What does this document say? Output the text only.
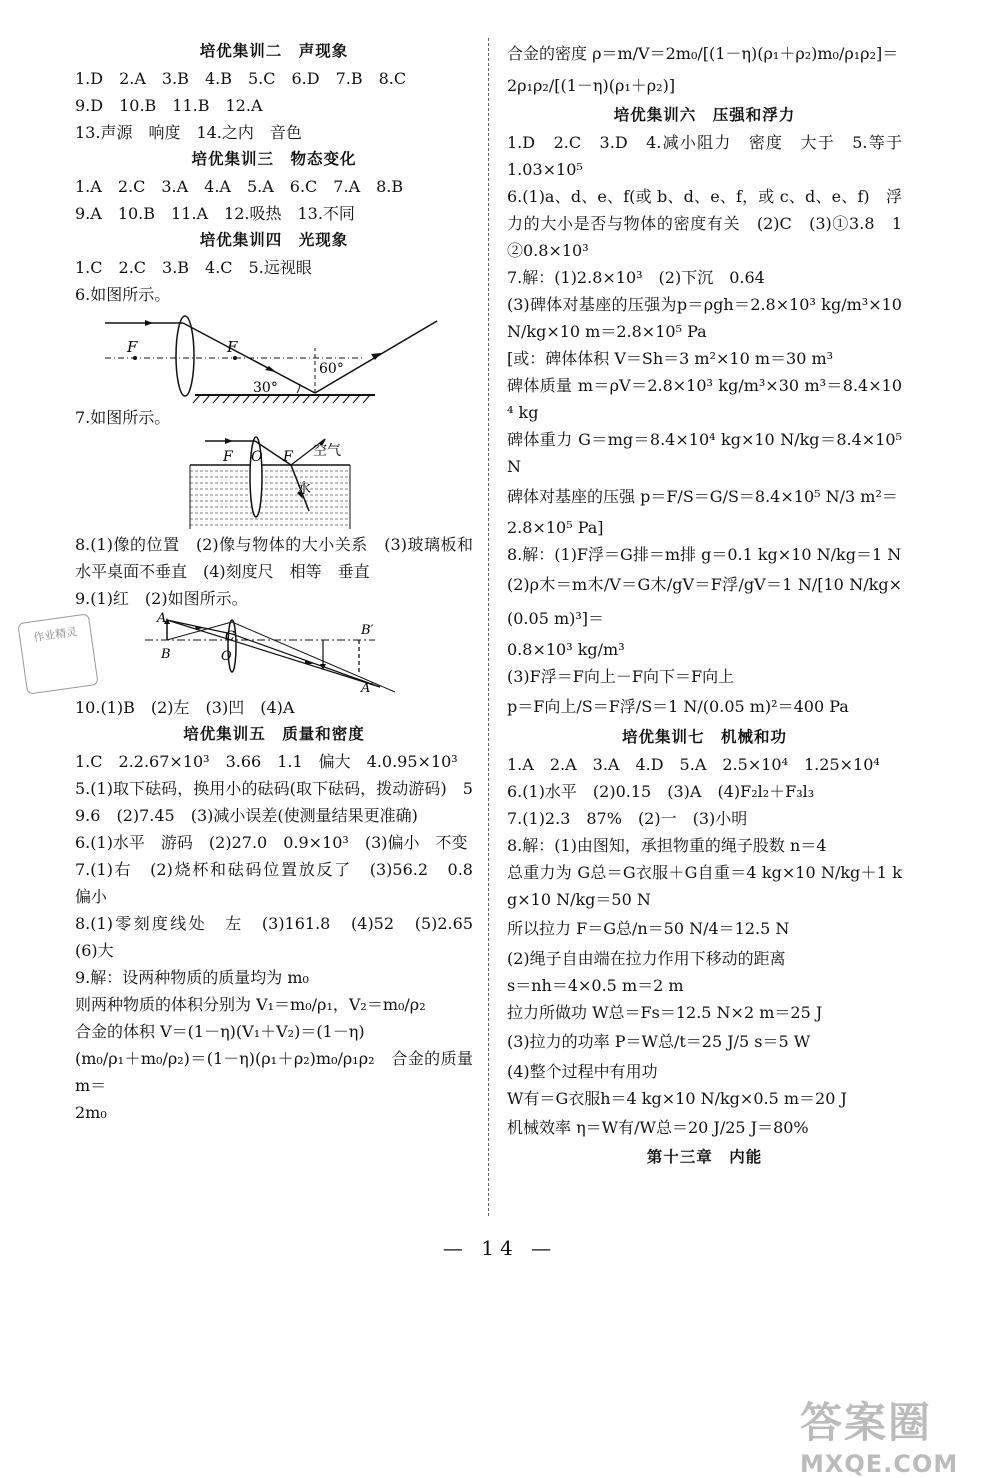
培优集训二　声现象
1.D　2.A　3.B　4.B　5.C　6.D　7.B　8.C
9.D　10.B　11.B　12.A
13.声源　响度　14.之内　音色
培优集训三　物态变化
1.A　2.C　3.A　4.A　5.A　6.C　7.A　8.B
9.A　10.B　11.A　12.吸热　13.不同
培优集训四　光现象
1.C　2.C　3.B　4.C　5.远视眼
6.如图所示。
F	F
30°
60°
7.如图所示。
F O F 空气
水
8.(1)像的位置　(2)像与物体的大小关系　(3)玻璃板和水平桌面不垂直　(4)刻度尺　相等　垂直
9.(1)红　(2)如图所示。
A
B
C
O
B′
A′
10.(1)B　(2)左　(3)凹　(4)A
培优集训五　质量和密度
1.C　2.2.67×10³　3.66　1.1　偏大　4.0.95×10³
5.(1)取下砝码，换用小的砝码(取下砝码，拨动游码)　59.6　(2)7.45　(3)减小误差(使测量结果更准确)
6.(1)水平　游码　(2)27.0　0.9×10³　(3)偏小　不变
7.(1)右　(2)烧杯和砝码位置放反了　(3)56.2　0.8　偏小
8.(1)零刻度线处　左　(3)161.8　(4)52　(5)2.65　(6)大
9.解：设两种物质的质量均为 m₀
则两种物质的体积分别为 V₁＝m₀/ρ₁，V₂＝m₀/ρ₂
合金的体积 V＝(1－η)(V₁＋V₂)＝(1－η)
(m₀/ρ₁＋m₀/ρ₂)＝(1－η)(ρ₁＋ρ₂)m₀/ρ₁ρ₂　合金的质量 m＝
2m₀
合金的密度 ρ＝m/V＝2m₀/[(1－η)(ρ₁＋ρ₂)m₀/ρ₁ρ₂]＝
2ρ₁ρ₂/[(1－η)(ρ₁＋ρ₂)]
培优集训六　压强和浮力
1.D　2.C　3.D　4.减小阻力　密度　大于　5.等于　1.03×10⁵
6.(1)a、d、e、f(或 b、d、e、f，或 c、d、e、f)　浮力的大小是否与物体的密度有关　(2)C　(3)①3.8　1　②0.8×10³
7.解：(1)2.8×10³　(2)下沉　0.64
(3)碑体对基座的压强为p＝ρgh＝2.8×10³ kg/m³×10 N/kg×10 m＝2.8×10⁵ Pa
[或：碑体体积 V＝Sh＝3 m²×10 m＝30 m³
碑体质量 m＝ρV＝2.8×10³ kg/m³×30 m³＝8.4×10⁴ kg
碑体重力 G＝mg＝8.4×10⁴ kg×10 N/kg＝8.4×10⁵ N
碑体对基座的压强 p＝F/S＝G/S＝8.4×10⁵ N/3 m²＝
2.8×10⁵ Pa]
8.解：(1)F浮＝G排＝m排 g＝0.1 kg×10 N/kg＝1 N
(2)ρ木＝m木/V＝G木/gV＝F浮/gV＝1 N/[10 N/kg×(0.05 m)³]＝
0.8×10³ kg/m³
(3)F浮＝F向上－F向下＝F向上
p＝F向上/S＝F浮/S＝1 N/(0.05 m)²＝400 Pa
培优集训七　机械和功
1.A　2.A　3.A　4.D　5.A　2.5×10⁴　1.25×10⁴
6.(1)水平　(2)0.15　(3)A　(4)F₂l₂＋F₃l₃
7.(1)2.3　87%　(2)一　(3)小明
8.解：(1)由图知，承担物重的绳子股数 n＝4
总重力为 G总＝G衣服＋G自重＝4 kg×10 N/kg＋1 kg×10 N/kg＝50 N
所以拉力 F＝G总/n＝50 N/4＝12.5 N
(2)绳子自由端在拉力作用下移动的距离
s＝nh＝4×0.5 m＝2 m
拉力所做功 W总＝Fs＝12.5 N×2 m＝25 J
(3)拉力的功率 P＝W总/t＝25 J/5 s＝5 W
(4)整个过程中有用功
W有＝G衣服h＝4 kg×10 N/kg×0.5 m＝20 J
机械效率 η＝W有/W总＝20 J/25 J＝80%
第十三章　内能
— 14 —
作业精灵
答案圈
MXQE.COM
